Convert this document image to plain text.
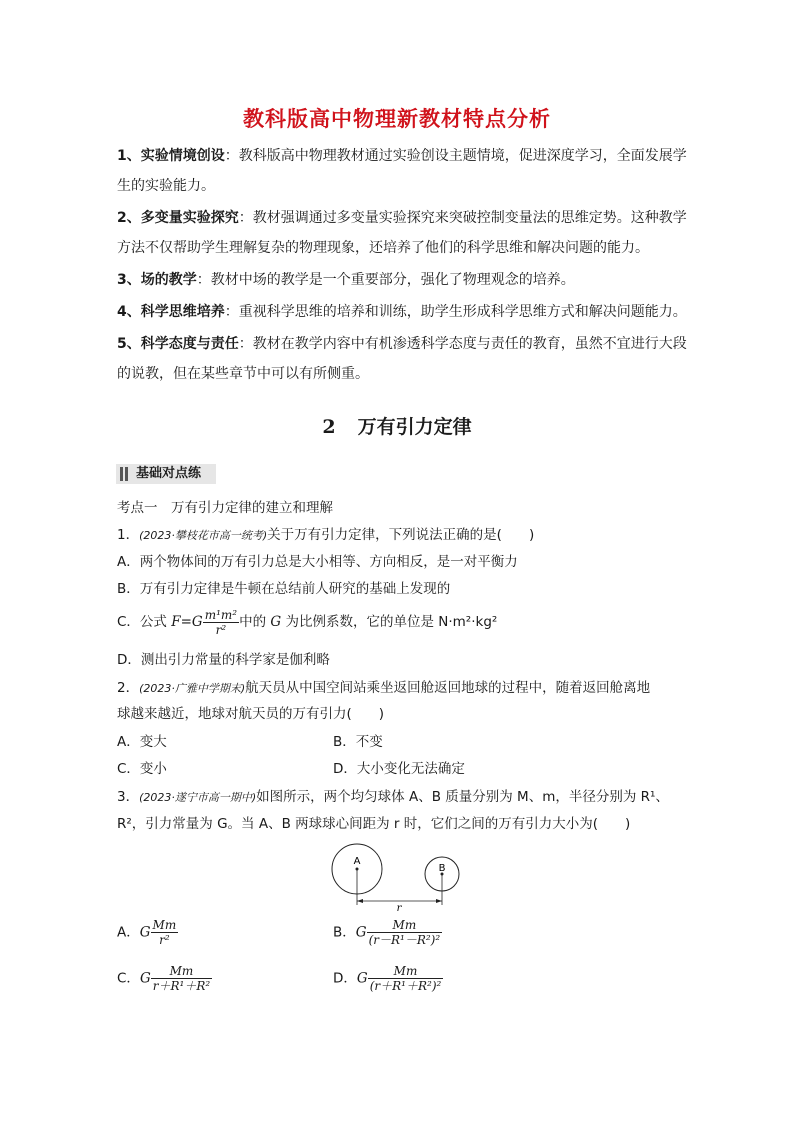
教科版高中物理新教材特点分析

1、实验情境创设：教科版高中物理教材通过实验创设主题情境，促进深度学习，全面发展学生的实验能力。

2、多变量实验探究：教材强调通过多变量实验探究来突破控制变量法的思维定势。这种教学方法不仅帮助学生理解复杂的物理现象，还培养了他们的科学思维和解决问题的能力。

3、场的教学：教材中场的教学是一个重要部分，强化了物理观念的培养。

4、科学思维培养：重视科学思维的培养和训练，助学生形成科学思维方式和解决问题能力。

5、科学态度与责任：教材在教学内容中有机渗透科学态度与责任的教育，虽然不宜进行大段的说教，但在某些章节中可以有所侧重。

2 万有引力定律
基础对点练
考点一　万有引力定律的建立和理解
1．(2023·攀枝花市高一统考)关于万有引力定律，下列说法正确的是(　　)
A．两个物体间的万有引力总是大小相等、方向相反，是一对平衡力
B．万有引力定律是牛顿在总结前人研究的基础上发现的
C．公式 $F=G \frac{\text{m¹m²}}{\text{r²}}$ 中的 G 为比例系数，它的单位是 N·m²·kg²
D．测出引力常量的科学家是伽利略
2．(2023·广雅中学期末)航天员从中国空间站乘坐返回舱返回地球的过程中，随着返回舱离地
球越来越近，地球对航天员的万有引力(　　)
A．变大	B．不变
C．变小	D．大小变化无法确定
3．(2023·遂宁市高一期中)如图所示，两个均匀球体 A、B 质量分别为 M、m，半径分别为 R¹、
R²，引力常量为 G。当 A、B 两球球心间距为 r 时，它们之间的万有引力大小为(　　)
A
B
r
A．G $\frac{Mm}{\text{r²}}$	B．G $\frac{Mm}{\text{(r－R¹－R²)²}}$
C．G $\frac{Mm}{\text{r＋R¹＋R²}}$	D．G $\frac{Mm}{\text{(r＋R¹＋R²)²}}$
